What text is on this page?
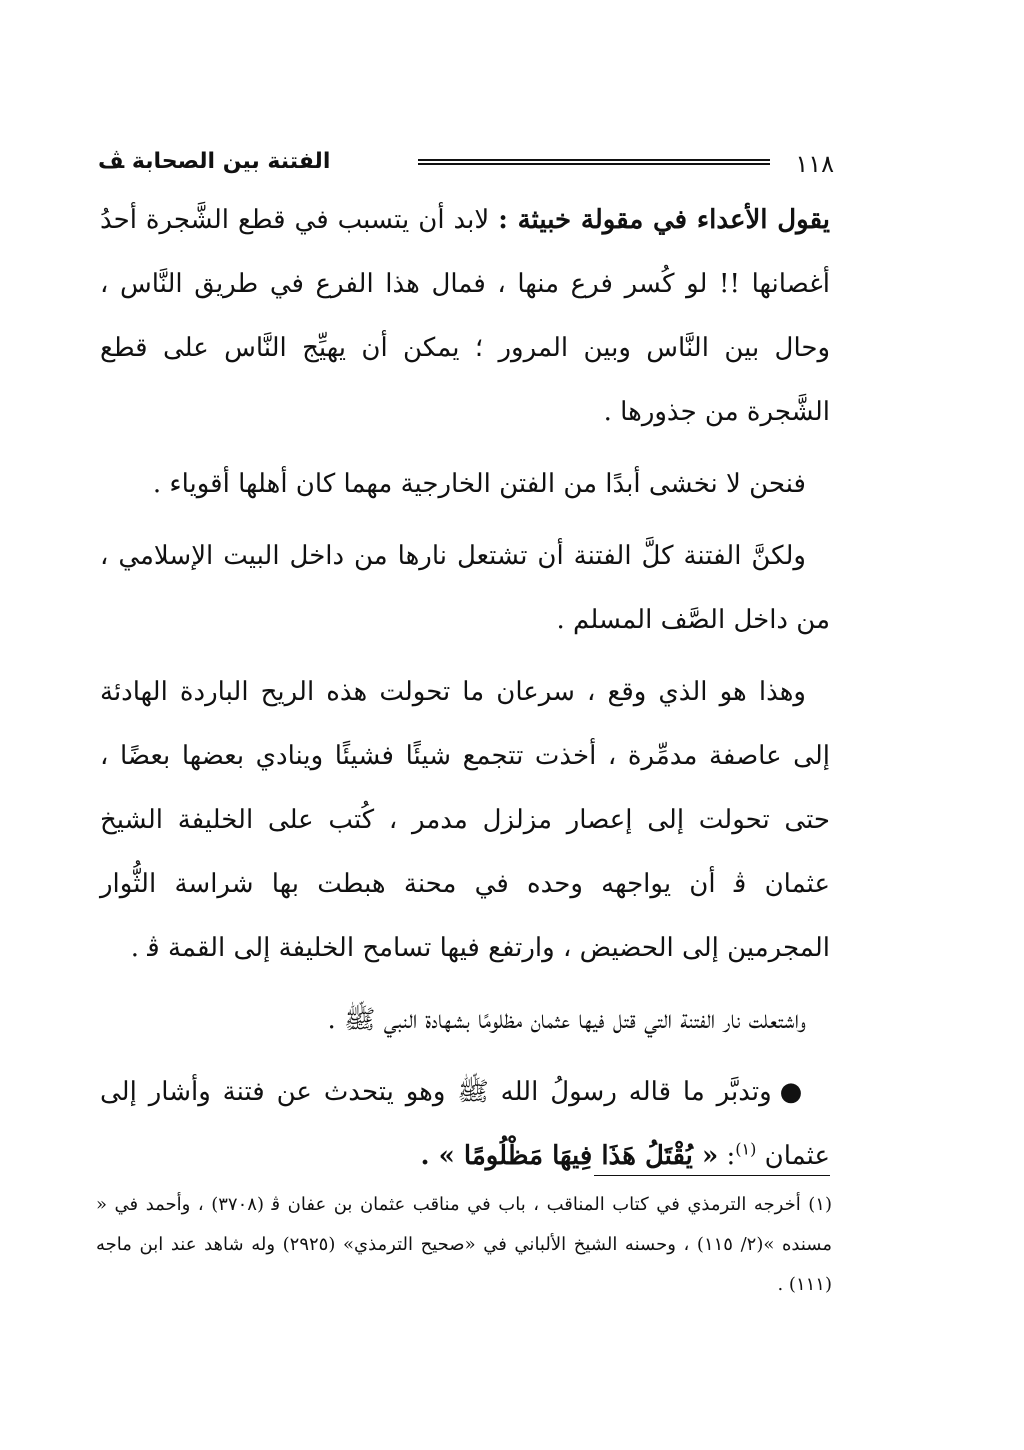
١١٨
الفتنة بين الصحابة ﭫ

يقول الأعداء في مقولة خبيثة : لابد أن يتسبب في قطع الشَّجرة أحدُ أغصانها !! لو كُسر فرع منها ، فمال هذا الفرع في طريق النَّاس ، وحال بين النَّاس وبين المرور ؛ يمكن أن يهيِّج النَّاس على قطع الشَّجرة من جذورها .

فنحن لا نخشى أبدًا من الفتن الخارجية مهما كان أهلها أقوياء .

ولكنَّ الفتنة كلَّ الفتنة أن تشتعل نارها من داخل البيت الإسلامي ، من داخل الصَّف المسلم .

وهذا هو الذي وقع ، سرعان ما تحولت هذه الريح الباردة الهادئة إلى عاصفة مدمِّرة ، أخذت تتجمع شيئًا فشيئًا وينادي بعضها بعضًا ، حتى تحولت إلى إعصار مزلزل مدمر ، كُتب على الخليفة الشيخ عثمان ﭬ أن يواجهه وحده في محنة هبطت بها شراسة الثُّوار المجرمين إلى الحضيض ، وارتفع فيها تسامح الخليفة إلى القمة ﭬ .

واشتعلت نار الفتنة التي قتل فيها عثمان مظلومًا بشهادة النبي ﷺ .

●وتدبَّر ما قاله رسولُ الله ﷺ وهو يتحدث عن فتنة وأشار إلى عثمان $^{(١)}$: « يُقْتَلُ هَذَا فِيهَا مَظْلُومًا » .

(١) أخرجه الترمذي في كتاب المناقب ، باب في مناقب عثمان بن عفان ﭬ (٣٧٠٨) ، وأحمد في « مسنده »(٢/ ١١٥) ، وحسنه الشيخ الألباني في «صحيح الترمذي» (٢٩٢٥) وله شاهد عند ابن ماجه (١١١) .
